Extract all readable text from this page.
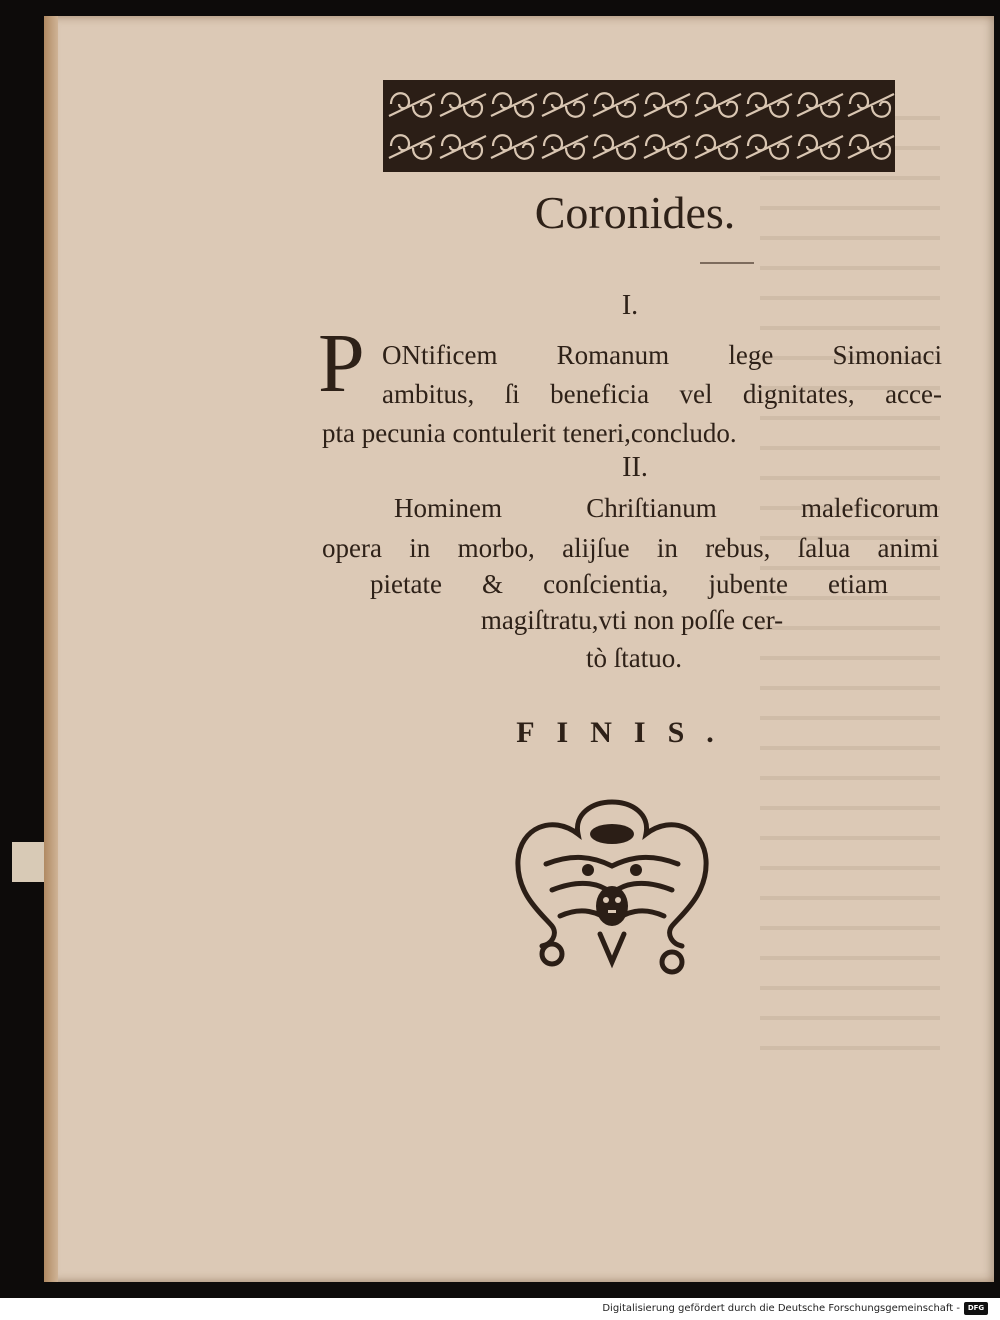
Coronides.
I.
P ONtificem Romanum lege Simoniaci
ambitus, ſi beneficia vel dignitates, acce-
pta pecunia contulerit teneri,concludo.
II.
Hominem Chriſtianum maleficorum
opera in morbo, alijſue in rebus, ſalua animi
pietate & conſcientia, jubente etiam
magiſtratu,vti non poſſe cer-
tò ſtatuo.
FINIS.
Digitalisierung gefördert durch die Deutsche Forschungsgemeinschaft -	DFG
